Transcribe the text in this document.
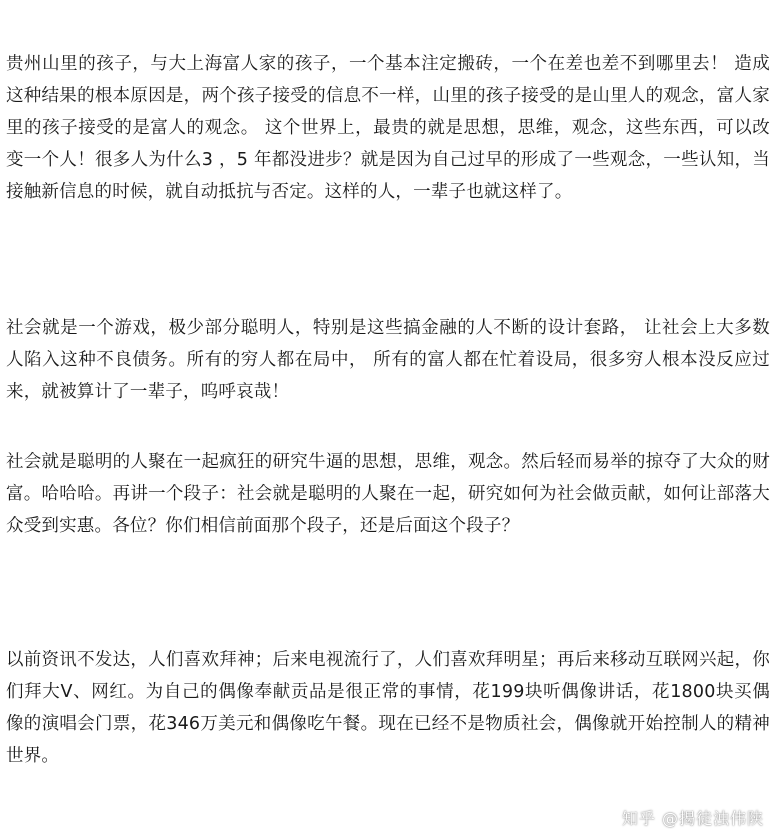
贵州山里的孩子，与大上海富人家的孩子，一个基本注定搬砖，一个在差也差不到哪里去！ 造成这种结果的根本原因是，两个孩子接受的信息不一样，山里的孩子接受的是山里人的观念，富人家里的孩子接受的是富人的观念。 这个世界上，最贵的就是思想，思维，观念，这些东西，可以改变一个人！很多人为什么3 ，5 年都没进步？就是因为自己过早的形成了一些观念，一些认知，当接触新信息的时候，就自动抵抗与否定。这样的人，一辈子也就这样了。

社会就是一个游戏，极少部分聪明人，特别是这些搞金融的人不断的设计套路， 让社会上大多数人陷入这种不良债务。所有的穷人都在局中， 所有的富人都在忙着设局，很多穷人根本没反应过来，就被算计了一辈子，呜呼哀哉！

社会就是聪明的人聚在一起疯狂的研究牛逼的思想，思维，观念。然后轻而易举的掠夺了大众的财富。哈哈哈。再讲一个段子：社会就是聪明的人聚在一起，研究如何为社会做贡献，如何让部落大众受到实惠。各位？你们相信前面那个段子，还是后面这个段子？

以前资讯不发达，人们喜欢拜神；后来电视流行了，人们喜欢拜明星；再后来移动互联网兴起，你们拜大V、网红。为自己的偶像奉献贡品是很正常的事情，花199块听偶像讲话，花1800块买偶像的演唱会门票，花346万美元和偶像吃午餐。现在已经不是物质社会，偶像就开始控制人的精神世界。

知乎 @揭徒浊伟陕
